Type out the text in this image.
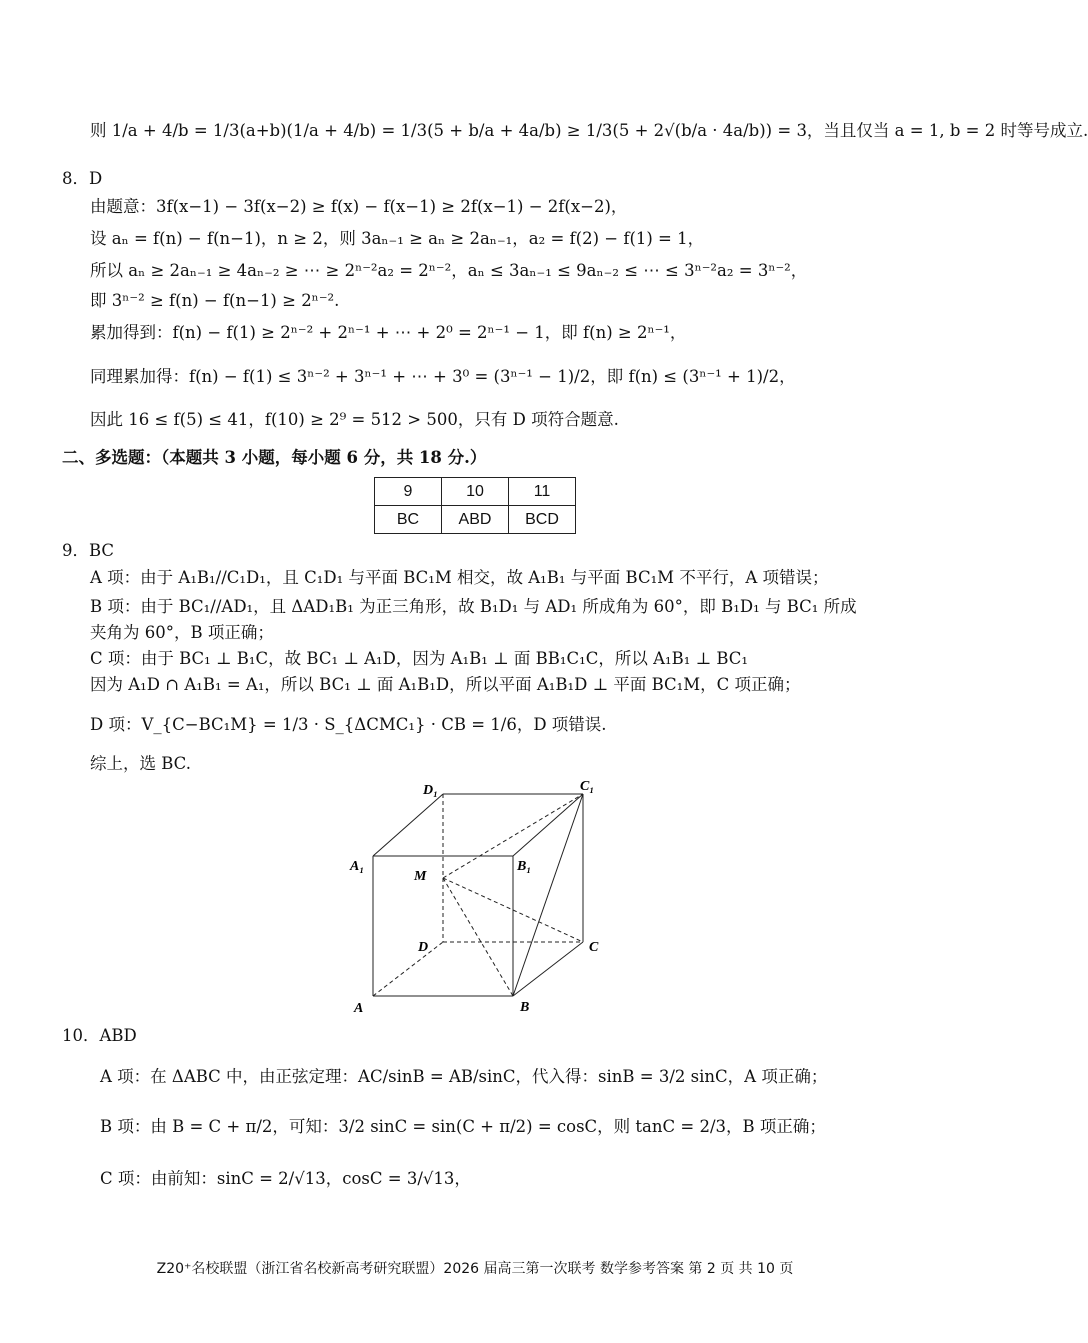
则 1/a + 4/b = 1/3(a+b)(1/a + 4/b) = 1/3(5 + b/a + 4a/b) ≥ 1/3(5 + 2√(b/a · 4a/b)) = 3，当且仅当 a = 1, b = 2 时等号成立.
8．D
由题意：3f(x−1) − 3f(x−2) ≥ f(x) − f(x−1) ≥ 2f(x−1) − 2f(x−2)，
设 aₙ = f(n) − f(n−1)，n ≥ 2，则 3aₙ₋₁ ≥ aₙ ≥ 2aₙ₋₁，a₂ = f(2) − f(1) = 1，
所以 aₙ ≥ 2aₙ₋₁ ≥ 4aₙ₋₂ ≥ ⋯ ≥ 2ⁿ⁻²a₂ = 2ⁿ⁻²，aₙ ≤ 3aₙ₋₁ ≤ 9aₙ₋₂ ≤ ⋯ ≤ 3ⁿ⁻²a₂ = 3ⁿ⁻²，
即 3ⁿ⁻² ≥ f(n) − f(n−1) ≥ 2ⁿ⁻².
累加得到：f(n) − f(1) ≥ 2ⁿ⁻² + 2ⁿ⁻¹ + ⋯ + 2⁰ = 2ⁿ⁻¹ − 1，即 f(n) ≥ 2ⁿ⁻¹，
同理累加得：f(n) − f(1) ≤ 3ⁿ⁻² + 3ⁿ⁻¹ + ⋯ + 3⁰ = (3ⁿ⁻¹ − 1)/2，即 f(n) ≤ (3ⁿ⁻¹ + 1)/2，
因此 16 ≤ f(5) ≤ 41，f(10) ≥ 2⁹ = 512 > 500，只有 D 项符合题意.
二、多选题：（本题共 3 小题，每小题 6 分，共 18 分.）
9	10	11
BC	ABD	BCD
9．BC
A 项：由于 A₁B₁//C₁D₁，且 C₁D₁ 与平面 BC₁M 相交，故 A₁B₁ 与平面 BC₁M 不平行，A 项错误；
B 项：由于 BC₁//AD₁，且 ΔAD₁B₁ 为正三角形，故 B₁D₁ 与 AD₁ 所成角为 60°，即 B₁D₁ 与 BC₁ 所成
夹角为 60°，B 项正确；
C 项：由于 BC₁ ⊥ B₁C，故 BC₁ ⊥ A₁D，因为 A₁B₁ ⊥ 面 BB₁C₁C，所以 A₁B₁ ⊥ BC₁
因为 A₁D ∩ A₁B₁ = A₁，所以 BC₁ ⊥ 面 A₁B₁D，所以平面 A₁B₁D ⊥ 平面 BC₁M，C 项正确；
D 项：V_{C−BC₁M} = 1/3 · S_{ΔCMC₁} · CB = 1/6，D 项错误.
综上，选 BC.
D₁	C₁
A₁
M
B₁
D	C
A	B
10．ABD
A 项：在 ΔABC 中，由正弦定理：AC/sinB = AB/sinC，代入得：sinB = 3/2 sinC，A 项正确；
B 项：由 B = C + π/2，可知：3/2 sinC = sin(C + π/2) = cosC，则 tanC = 2/3，B 项正确；
C 项：由前知：sinC = 2/√13，cosC = 3/√13，
Z20⁺名校联盟（浙江省名校新高考研究联盟）2026 届高三第一次联考 数学参考答案 第 2 页 共 10 页
